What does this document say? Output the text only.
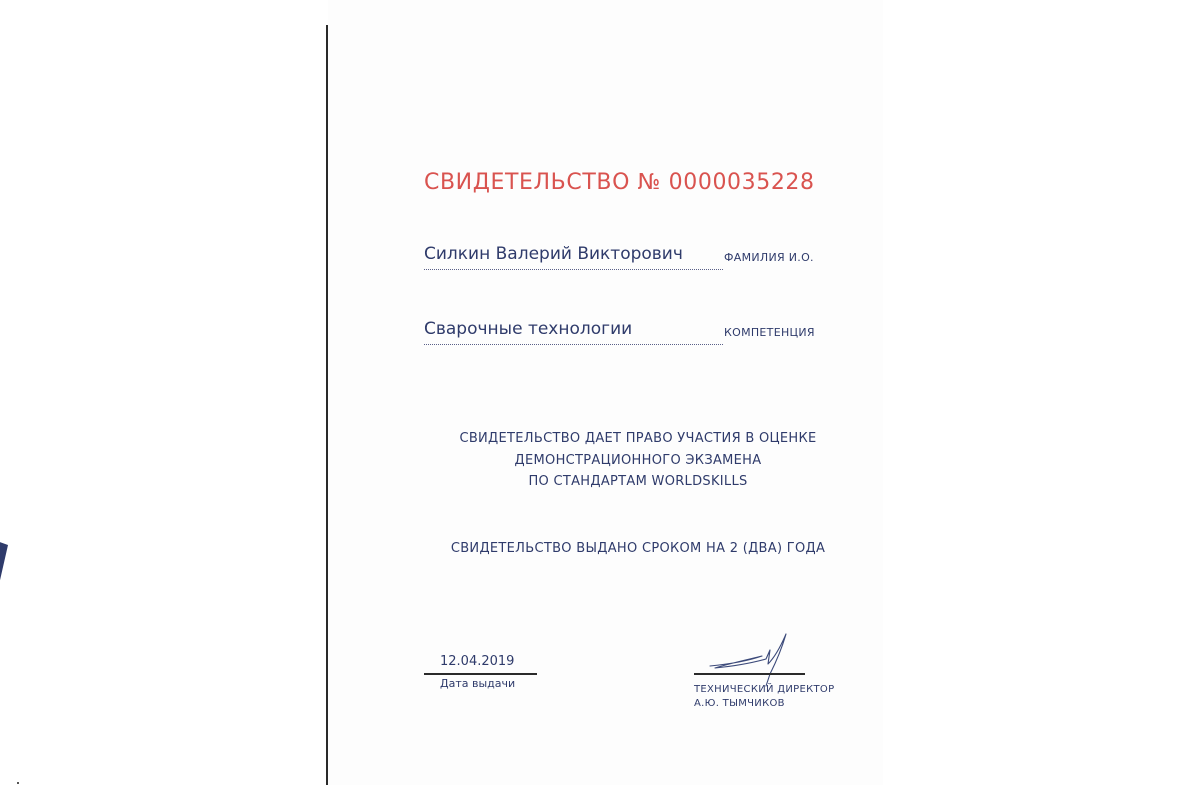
СВИДЕТЕЛЬСТВО № 0000035228
Силкин Валерий Викторович	ФАМИЛИЯ И.О.
Сварочные технологии	КОМПЕТЕНЦИЯ
СВИДЕТЕЛЬСТВО ДАЕТ ПРАВО УЧАСТИЯ В ОЦЕНКЕ
ДЕМОНСТРАЦИОННОГО ЭКЗАМЕНА
ПО СТАНДАРТАМ WORLDSKILLS
СВИДЕТЕЛЬСТВО ВЫДАНО СРОКОМ НА 2 (ДВА) ГОДА
12.04.2019
Дата выдачи	ТЕХНИЧЕСКИЙ ДИРЕКТОР
А.Ю. ТЫМЧИКОВ
